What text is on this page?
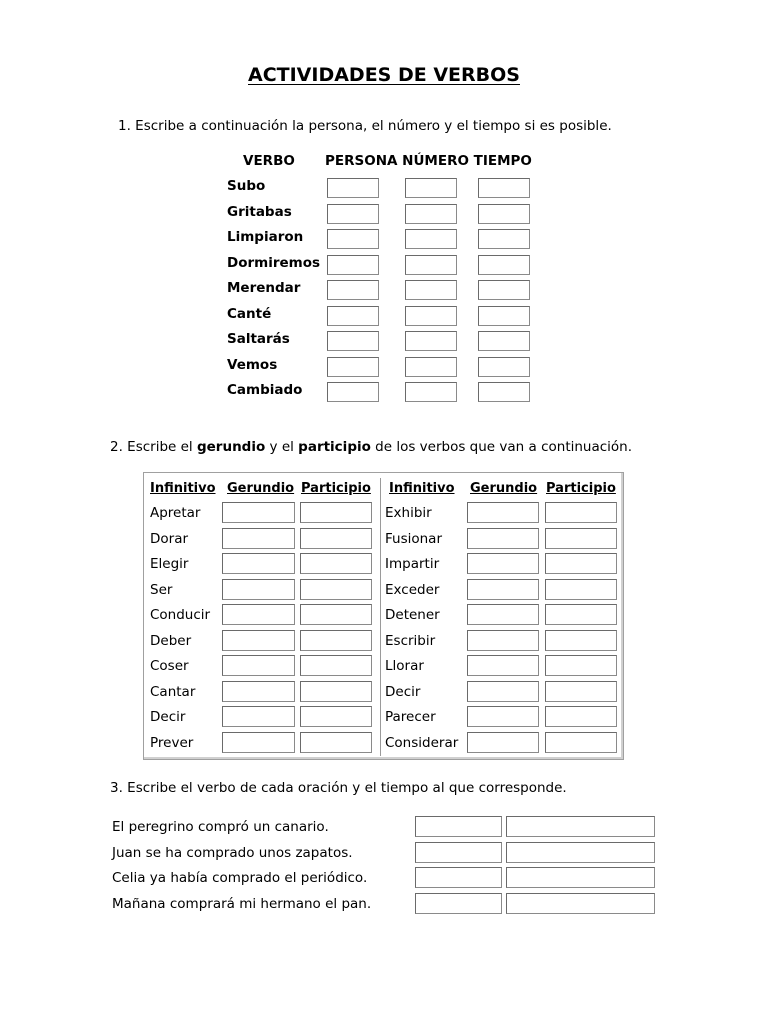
ACTIVIDADES DE VERBOS
1. Escribe a continuación la persona, el número y el tiempo si es posible.
VERBO PERSONA NÚMERO TIEMPO
Subo
Gritabas
Limpiaron
Dormiremos
Merendar
Canté
Saltarás
Vemos
Cambiado
2. Escribe el gerundio y el participio de los verbos que van a continuación.
Infinitivo Gerundio Participio Infinitivo Gerundio Participio
Apretar
Dorar
Elegir
Ser
Conducir
Deber
Coser
Cantar
Decir
Prever
Exhibir
Fusionar
Impartir
Exceder
Detener
Escribir
Llorar
Decir
Parecer
Considerar
3. Escribe el verbo de cada oración y el tiempo al que corresponde.
El peregrino compró un canario.
Juan se ha comprado unos zapatos.
Celia ya había comprado el periódico.
Mañana comprará mi hermano el pan.
